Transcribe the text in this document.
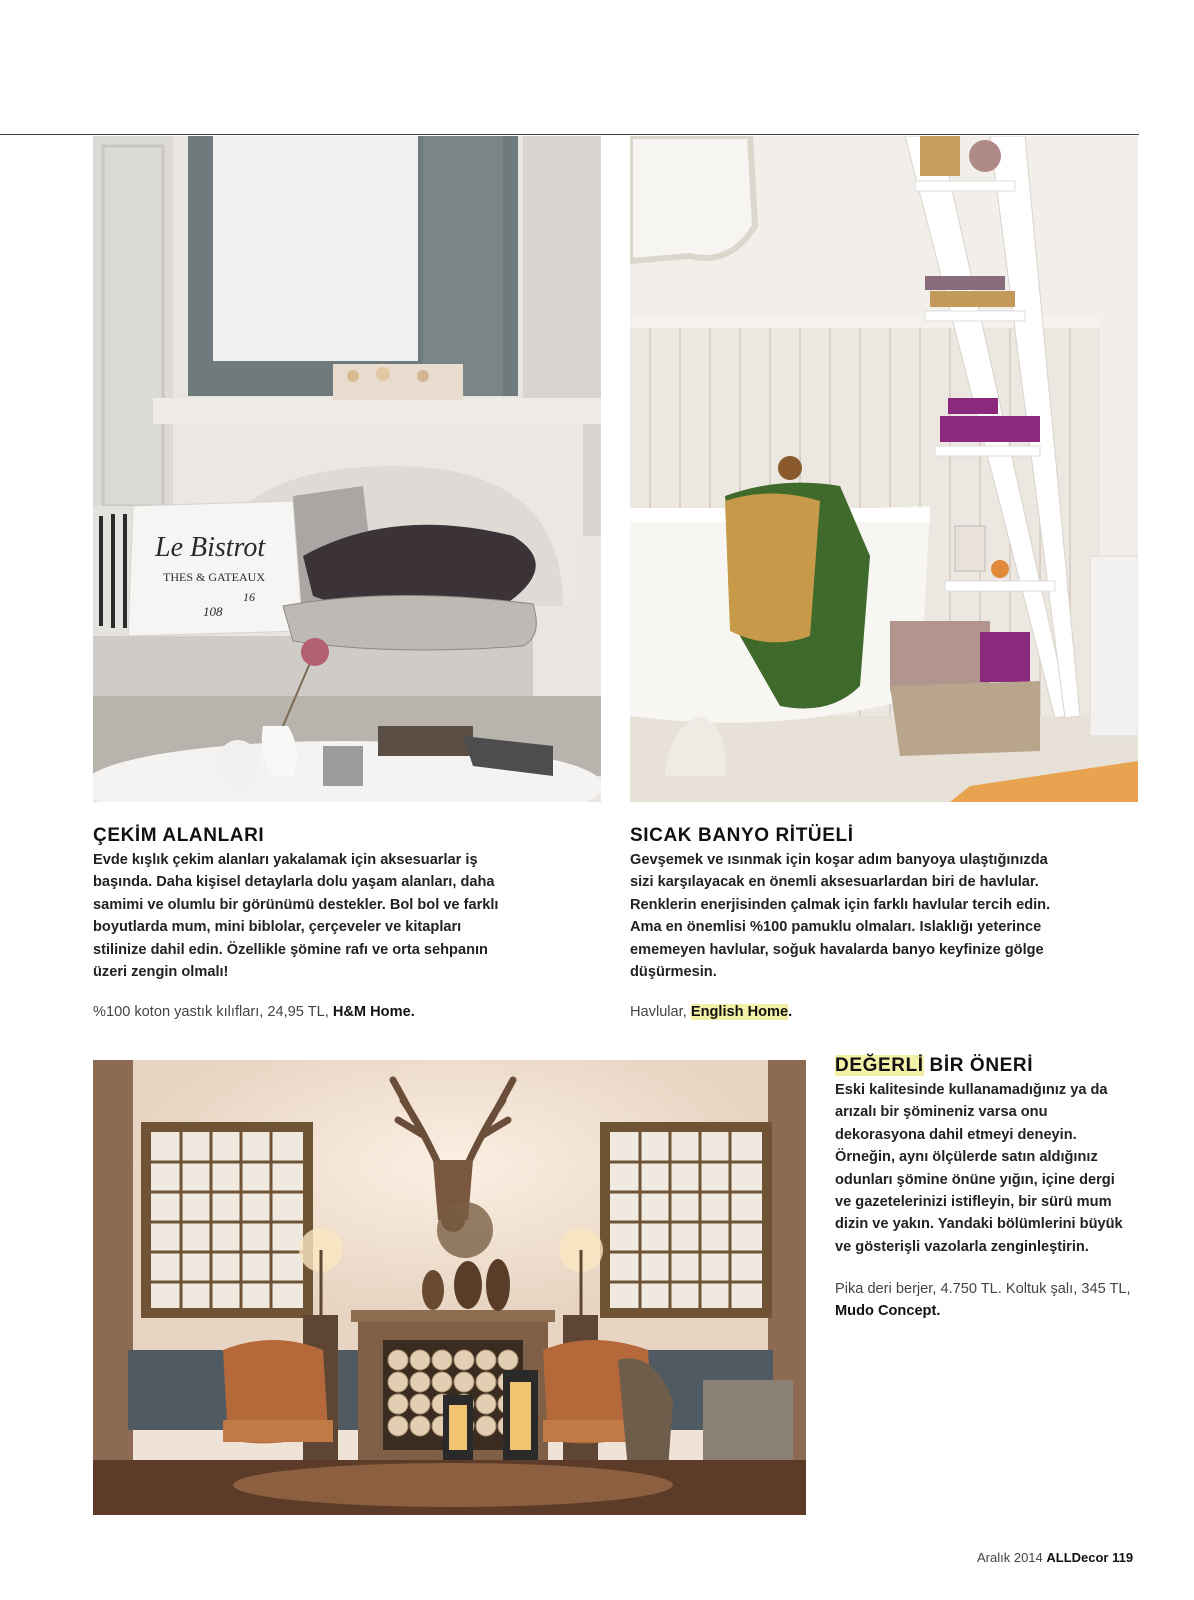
Le Bistrot
THES & GATEAUX
16
108
ÇEKİM ALANLARI

Evde kışlık çekim alanları yakalamak için aksesuarlar iş başında. Daha kişisel detaylarla dolu yaşam alanları, daha samimi ve olumlu bir görünümü destekler. Bol bol ve farklı boyutlarda mum, mini biblolar, çerçeveler ve kitapları stilinize dahil edin. Özellikle şömine rafı ve orta sehpanın üzeri zengin olmalı!

%100 koton yastık kılıfları, 24,95 TL, H&M Home.

SICAK BANYO RİTÜELİ

Gevşemek ve ısınmak için koşar adım banyoya ulaştığınızda sizi karşılayacak en önemli aksesuarlardan biri de havlular. Renklerin enerjisinden çalmak için farklı havlular tercih edin. Ama en önemlisi %100 pamuklu olmaları. Islaklığı yeterince ememeyen havlular, soğuk havalarda banyo keyfinize gölge düşürmesin.

Havlular, English Home.

DEĞERLİ BİR ÖNERİ

Eski kalitesinde kullanamadığınız ya da arızalı bir şömineniz varsa onu dekorasyona dahil etmeyi deneyin. Örneğin, aynı ölçülerde satın aldığınız odunları şömine önüne yığın, içine dergi ve gazetelerinizi istifleyin, bir sürü mum dizin ve yakın. Yandaki bölümlerini büyük ve gösterişli vazolarla zenginleştirin.

Pika deri berjer, 4.750 TL. Koltuk şalı, 345 TL, Mudo Concept.

Aralık 2014 ALLDecor 119
